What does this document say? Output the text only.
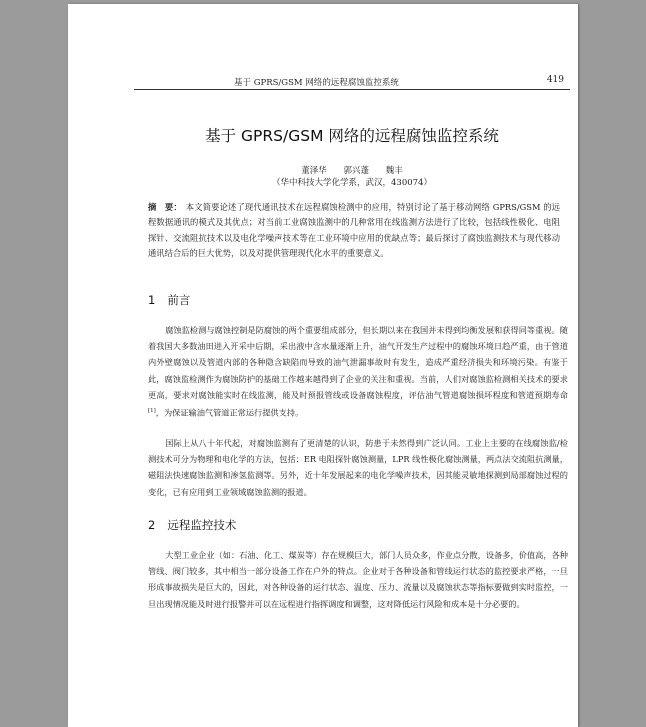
基于 GPRS/GSM 网络的远程腐蚀监控系统	419
基于 GPRS/GSM 网络的远程腐蚀监控系统
董泽华 郭兴蓬 魏丰
（华中科技大学化学系，武汉，430074）
摘　要： 本文简要论述了现代通讯技术在远程腐蚀检测中的应用，特别讨论了基于移动网络 GPRS/GSM 的远程数据通讯的模式及其优点；对当前工业腐蚀监测中的几种常用在线监测方法进行了比较，包括线性极化、电阻探针、交流阻抗技术以及电化学噪声技术等在工业环境中应用的优缺点等；最后探讨了腐蚀监测技术与现代移动通讯结合后的巨大优势，以及对提供管理现代化水平的重要意义。
1 前言
腐蚀监检测与腐蚀控制是防腐蚀的两个重要组成部分，但长期以来在我国并未得到均衡发展和获得同等重视。随着我国大多数油田进入开采中后期，采出液中含水量逐渐上升，油气开发生产过程中的腐蚀环境日趋严重，由于管道内外壁腐蚀以及管道内部的各种隐含缺陷而导致的油气泄漏事故时有发生，造成严重经济损失和环境污染。有鉴于此，腐蚀监检测作为腐蚀防护的基础工作越来越得到了企业的关注和重视。当前，人们对腐蚀监检测相关技术的要求更高，要求对腐蚀能实时在线监测，能及时预报管线或设备腐蚀程度，评估油气管道腐蚀损坏程度和管道预期寿命[1]，为保证输油气管道正常运行提供支持。
国际上从八十年代起，对腐蚀监测有了更清楚的认识，防患于未然得到广泛认同。工业上主要的在线腐蚀监/检测技术可分为物理和电化学的方法，包括：ER 电阻探针腐蚀测量，LPR 线性极化腐蚀测量，两点法交流阻抗测量，磁阻法快速腐蚀监测和渗氢监测等。另外，近十年发展起来的电化学噪声技术，因其能灵敏地探测到局部腐蚀过程的变化，已有应用到工业领域腐蚀监测的报道。
2 远程监控技术
大型工业企业（如：石油、化工、煤炭等）存在规模巨大，部门人员众多，作业点分散，设备多，价值高，各种管线、阀门较多，其中相当一部分设备工作在户外的特点。企业对于各种设备和管线运行状态的监控要求严格，一旦形成事故损失是巨大的，因此，对各种设备的运行状态、温度、压力、流量以及腐蚀状态等指标要做到实时监控，一旦出现情况能及时进行报警并可以在远程进行指挥调度和调整，这对降低运行风险和成本是十分必要的。
